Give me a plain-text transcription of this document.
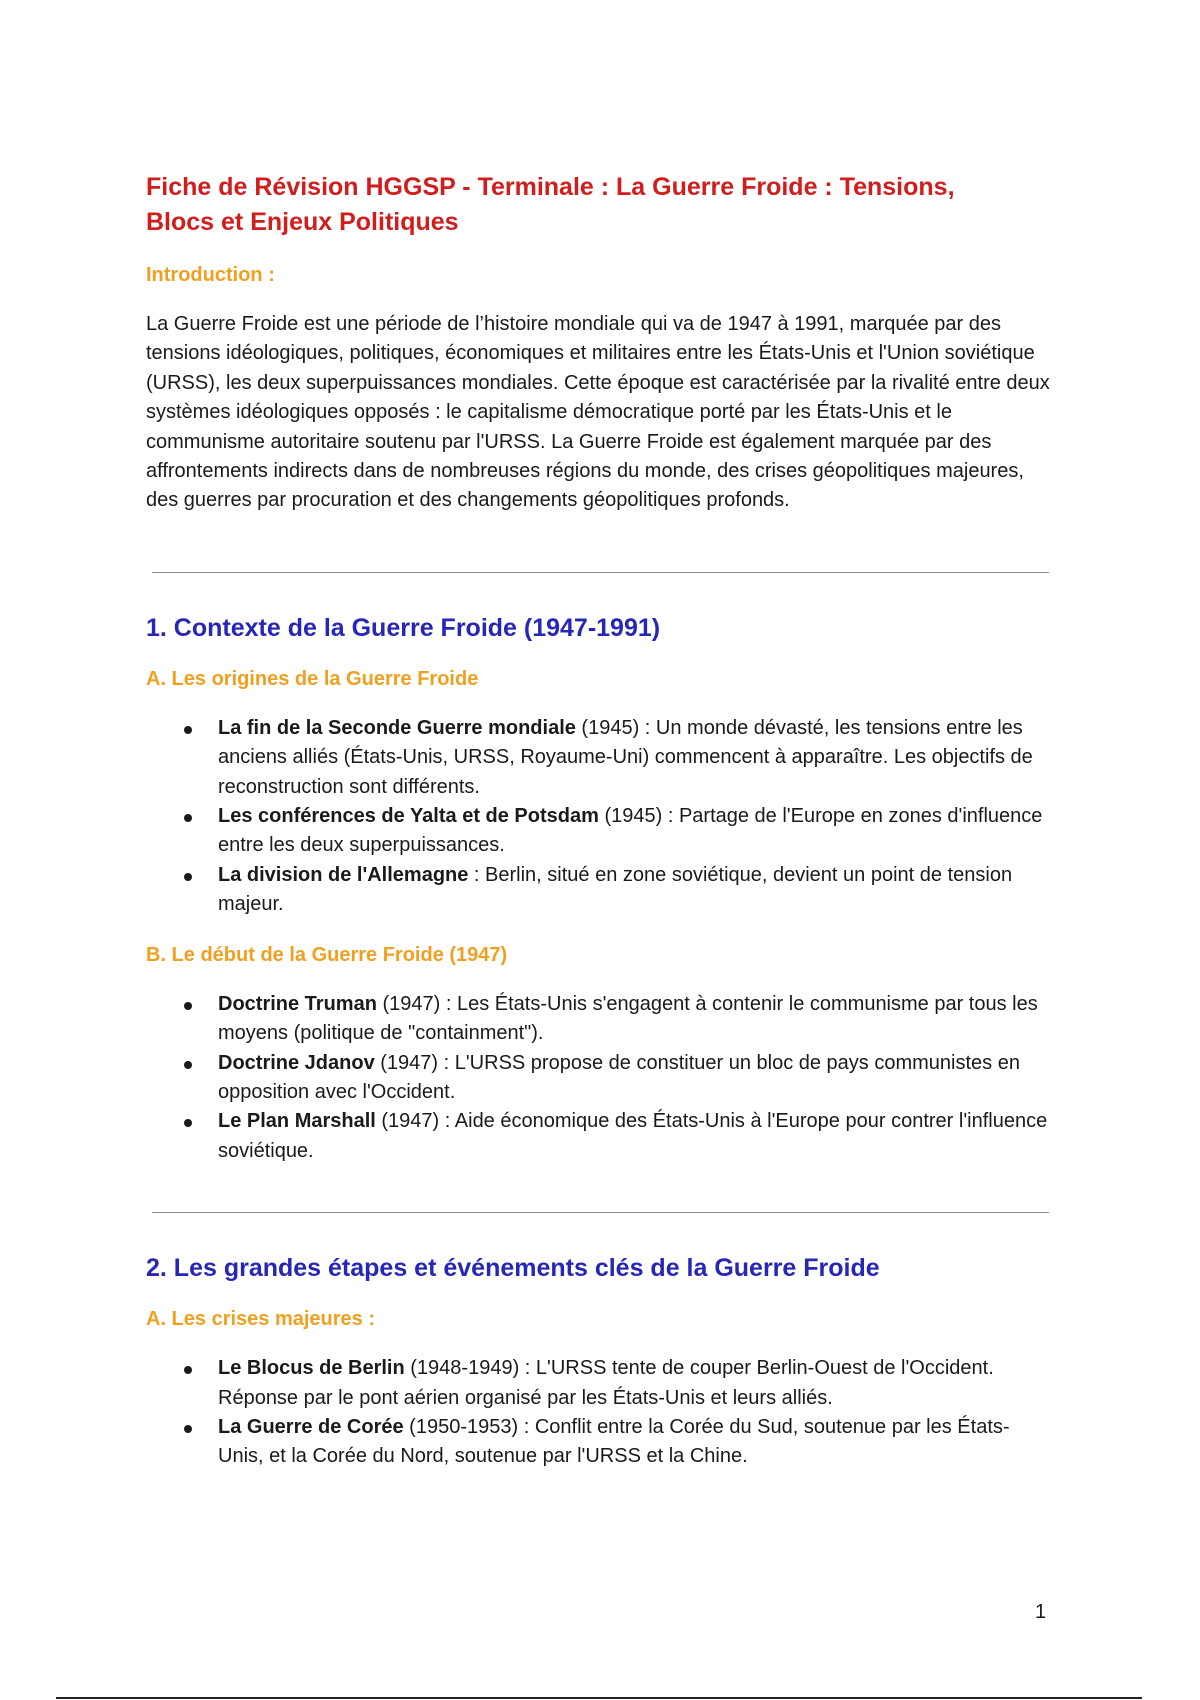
Fiche de Révision HGGSP - Terminale : La Guerre Froide : Tensions, Blocs et Enjeux Politiques
Introduction :

La Guerre Froide est une période de l’histoire mondiale qui va de 1947 à 1991, marquée par des tensions idéologiques, politiques, économiques et militaires entre les États-Unis et l'Union soviétique (URSS), les deux superpuissances mondiales. Cette époque est caractérisée par la rivalité entre deux systèmes idéologiques opposés : le capitalisme démocratique porté par les États-Unis et le communisme autoritaire soutenu par l'URSS. La Guerre Froide est également marquée par des affrontements indirects dans de nombreuses régions du monde, des crises géopolitiques majeures, des guerres par procuration et des changements géopolitiques profonds.

1. Contexte de la Guerre Froide (1947-1991)
A. Les origines de la Guerre Froide
La fin de la Seconde Guerre mondiale (1945) : Un monde dévasté, les tensions entre les anciens alliés (États-Unis, URSS, Royaume-Uni) commencent à apparaître. Les objectifs de reconstruction sont différents.
Les conférences de Yalta et de Potsdam (1945) : Partage de l'Europe en zones d'influence entre les deux superpuissances.
La division de l'Allemagne : Berlin, situé en zone soviétique, devient un point de tension majeur.
B. Le début de la Guerre Froide (1947)
Doctrine Truman (1947) : Les États-Unis s'engagent à contenir le communisme par tous les moyens (politique de "containment").
Doctrine Jdanov (1947) : L'URSS propose de constituer un bloc de pays communistes en opposition avec l'Occident.
Le Plan Marshall (1947) : Aide économique des États-Unis à l'Europe pour contrer l'influence soviétique.
2. Les grandes étapes et événements clés de la Guerre Froide
A. Les crises majeures :
Le Blocus de Berlin (1948-1949) : L'URSS tente de couper Berlin-Ouest de l'Occident. Réponse par le pont aérien organisé par les États-Unis et leurs alliés.
La Guerre de Corée (1950-1953) : Conflit entre la Corée du Sud, soutenue par les États-Unis, et la Corée du Nord, soutenue par l'URSS et la Chine.
1
